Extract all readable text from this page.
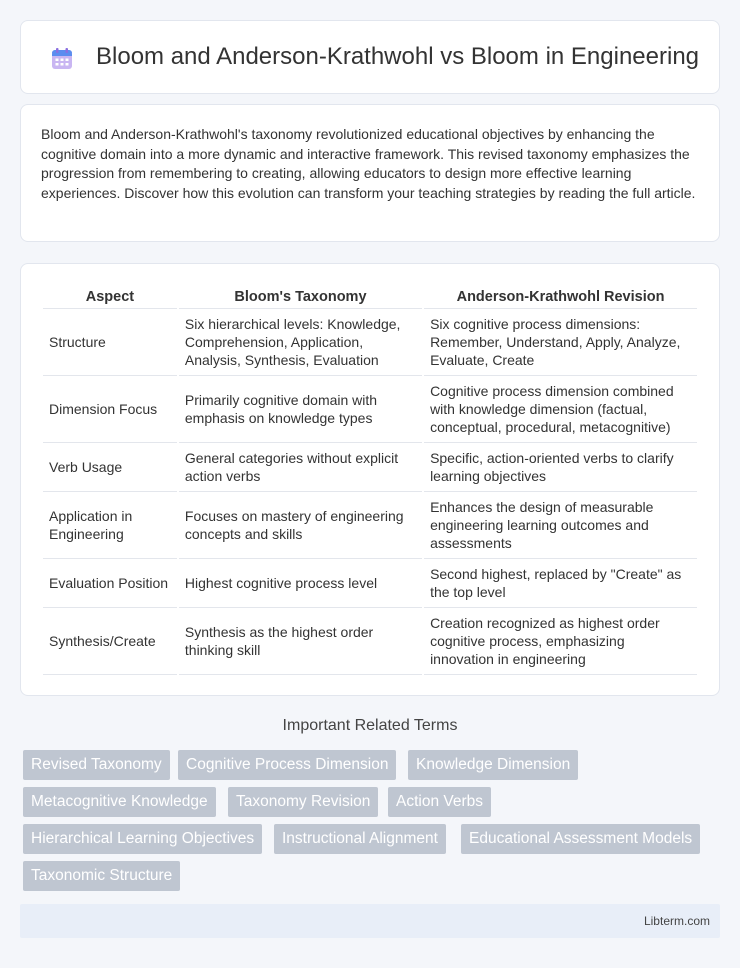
Bloom and Anderson-Krathwohl vs Bloom in Engineering

Bloom and Anderson-Krathwohl's taxonomy revolutionized educational objectives by enhancing the cognitive domain into a more dynamic and interactive framework. This revised taxonomy emphasizes the progression from remembering to creating, allowing educators to design more effective learning experiences. Discover how this evolution can transform your teaching strategies by reading the full article.

Aspect	Bloom's Taxonomy	Anderson-Krathwohl Revision
Structure	Six hierarchical levels: Knowledge, Comprehension, Application, Analysis, Synthesis, Evaluation	Six cognitive process dimensions: Remember, Understand, Apply, Analyze, Evaluate, Create
Dimension Focus	Primarily cognitive domain with emphasis on knowledge types	Cognitive process dimension combined with knowledge dimension (factual, conceptual, procedural, metacognitive)
Verb Usage	General categories without explicit action verbs	Specific, action-oriented verbs to clarify learning objectives
Application in Engineering	Focuses on mastery of engineering concepts and skills	Enhances the design of measurable engineering learning outcomes and assessments
Evaluation Position	Highest cognitive process level	Second highest, replaced by "Create" as the top level
Synthesis/Create	Synthesis as the highest order thinking skill	Creation recognized as highest order cognitive process, emphasizing innovation in engineering
Important Related Terms
Revised Taxonomy	Cognitive Process Dimension	Knowledge Dimension
Metacognitive Knowledge	Taxonomy Revision	Action Verbs
Hierarchical Learning Objectives	Instructional Alignment	Educational Assessment Models
Taxonomic Structure
Libterm.com
